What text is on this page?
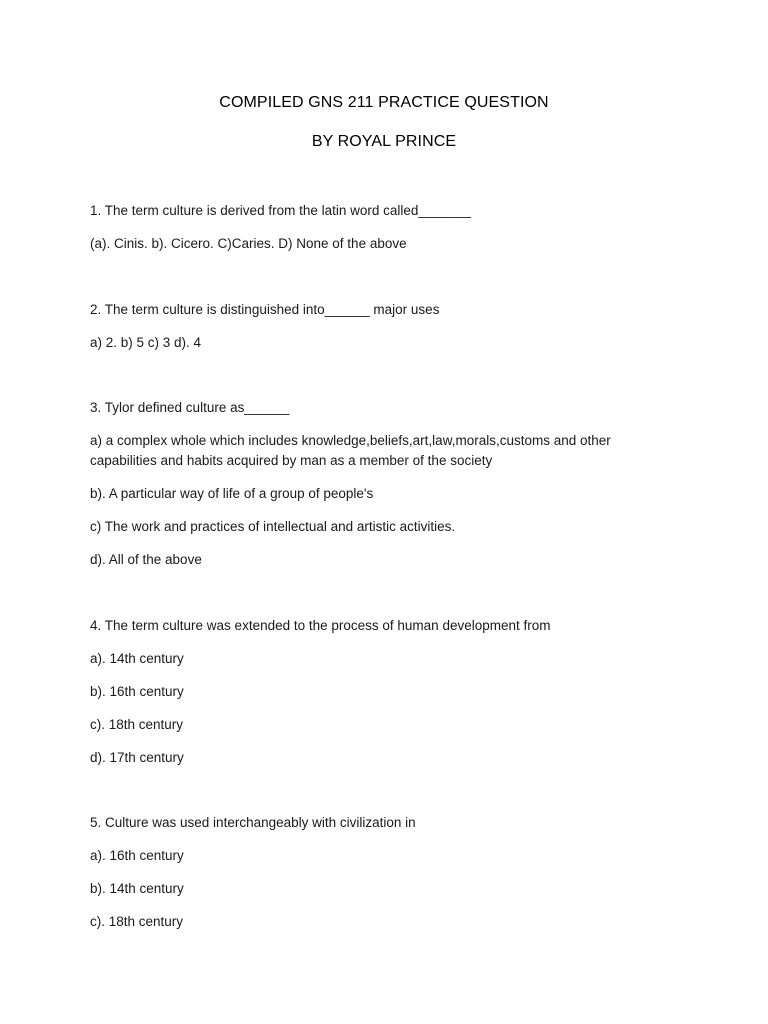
COMPILED GNS 211 PRACTICE QUESTION
BY ROYAL PRINCE

1. The term culture is derived from the latin word called_______

(a). Cinis. b). Cicero. C)Caries. D) None of the above

2. The term culture is distinguished into______ major uses

a) 2. b) 5 c) 3 d). 4

3. Tylor defined culture as______

a) a complex whole which includes knowledge,beliefs,art,law,morals,customs and other capabilities and habits acquired by man as a member of the society

b). A particular way of life of a group of people's

c) The work and practices of intellectual and artistic activities.

d). All of the above

4. The term culture was extended to the process of human development from

a). 14th century

b). 16th century

c). 18th century

d). 17th century

5. Culture was used interchangeably with civilization in

a). 16th century

b). 14th century

c). 18th century
